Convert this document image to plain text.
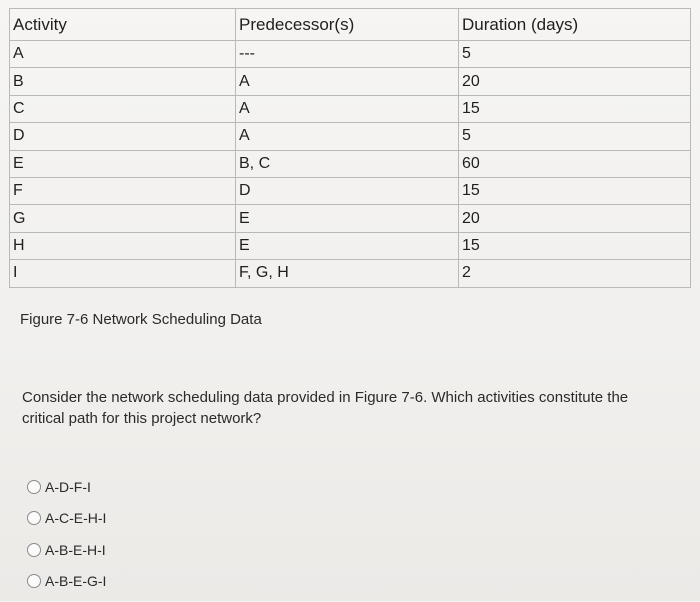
Activity	Predecessor(s)	Duration (days)
A	---	5
B	A	20
C	A	15
D	A	5
E	B, C	60
F	D	15
G	E	20
H	E	15
I	F, G, H	2
Figure 7-6 Network Scheduling Data
Consider the network scheduling data provided in Figure 7-6. Which activities constitute the critical path for this project network?
A-D-F-I
A-C-E-H-I
A-B-E-H-I
A-B-E-G-I
